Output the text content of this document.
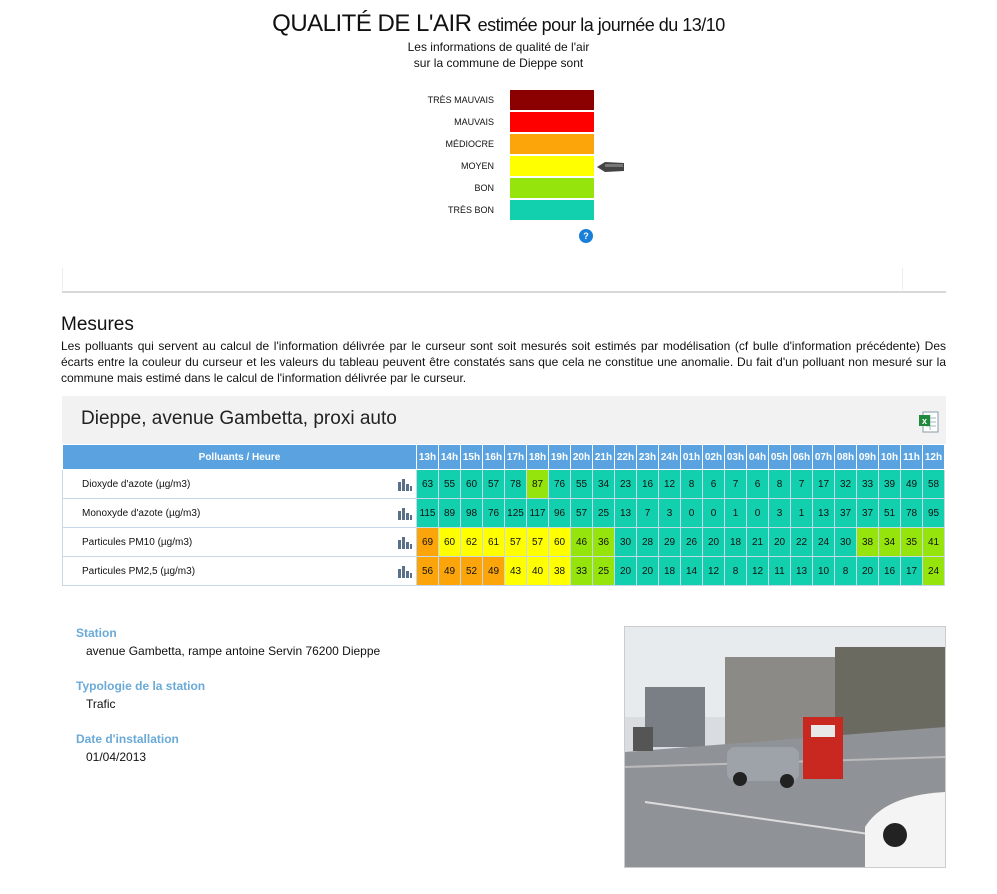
QUALITÉ DE L'AIR estimée pour la journée du 13/10
Les informations de qualité de l'air
sur la commune de Dieppe sont
TRÈS MAUVAIS
MAUVAIS
MÉDIOCRE
MOYEN
BON
TRÈS BON
?
Mesures
Les polluants qui servent au calcul de l'information délivrée par le curseur sont soit mesurés soit estimés par modélisation (cf bulle d'information précédente) Des écarts entre la couleur du curseur et les valeurs du tableau peuvent être constatés sans que cela ne constitue une anomalie. Du fait d'un polluant non mesuré sur la commune mais estimé dans le calcul de l'information délivrée par le curseur.
Dieppe, avenue Gambetta, proxi auto	x
Polluants / Heure	13h	14h	15h	16h	17h	18h	19h	20h	21h	22h	23h	24h	01h	02h	03h	04h	05h	06h	07h	08h	09h	10h	11h	12h
Dioxyde d'azote (µg/m3)	63	55	60	57	78	87	76	55	34	23	16	12	8	6	7	6	8	7	17	32	33	39	49	58
Monoxyde d'azote (µg/m3)	115	89	98	76	125	117	96	57	25	13	7	3	0	0	1	0	3	1	13	37	37	51	78	95
Particules PM10 (µg/m3)	69	60	62	61	57	57	60	46	36	30	28	29	26	20	18	21	20	22	24	30	38	34	35	41
Particules PM2,5 (µg/m3)	56	49	52	49	43	40	38	33	25	20	20	18	14	12	8	12	11	13	10	8	20	16	17	24
Station
avenue Gambetta, rampe antoine Servin 76200 Dieppe
Typologie de la station
Trafic
Date d'installation
01/04/2013
